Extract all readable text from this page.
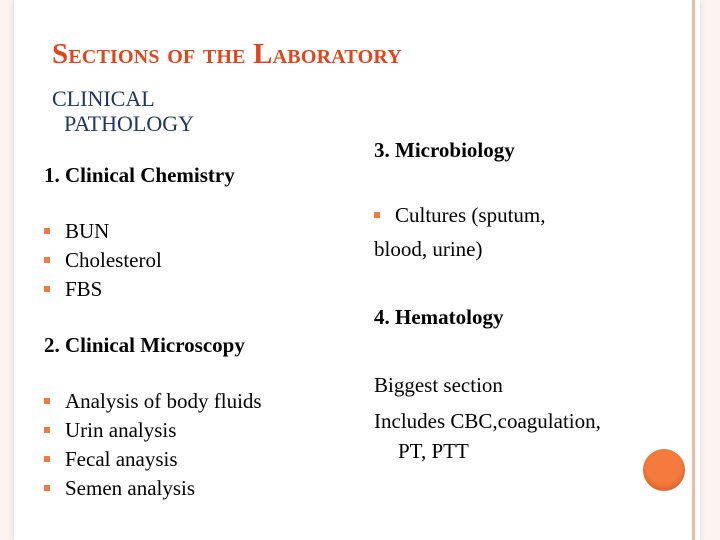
Sections of the Laboratory
CLINICAL
PATHOLOGY
1. Clinical Chemistry
BUN
Cholesterol
FBS
2. Clinical Microscopy
Analysis of body fluids
Urin analysis
Fecal anaysis
Semen analysis
3. Microbiology
Cultures (sputum,
blood, urine)
4. Hematology
Biggest section
Includes CBC,coagulation,
PT, PTT
